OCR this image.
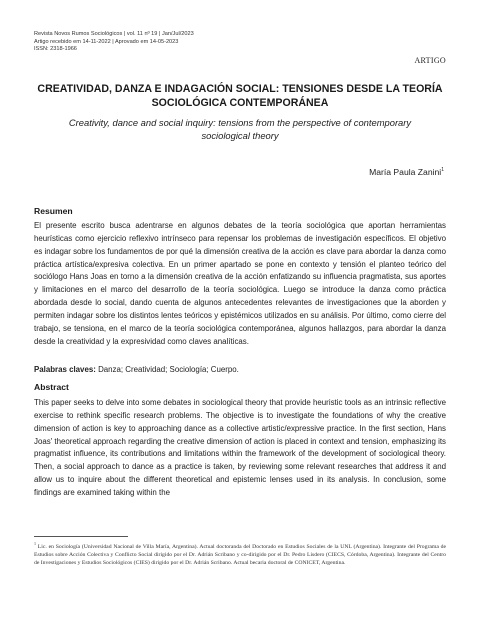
Revista Novos Rumos Sociológicos | vol. 11 nº 19 | Jan/Jul/2023
Artigo recebido em 14-11-2022 | Aprovado em 14-05-2023
ISSN: 2318-1966
ARTIGO
CREATIVIDAD, DANZA E INDAGACIÓN SOCIAL: TENSIONES DESDE LA TEORÍA SOCIOLÓGICA CONTEMPORÁNEA
Creativity, dance and social inquiry: tensions from the perspective of contemporary sociological theory
María Paula Zanini$^1$
Resumen
El presente escrito busca adentrarse en algunos debates de la teoría sociológica que aportan herramientas heurísticas como ejercicio reflexivo intrínseco para repensar los problemas de investigación específicos. El objetivo es indagar sobre los fundamentos de por qué la dimensión creativa de la acción es clave para abordar la danza como práctica artística/expresiva colectiva. En un primer apartado se pone en contexto y tensión el planteo teórico del sociólogo Hans Joas en torno a la dimensión creativa de la acción enfatizando su influencia pragmatista, sus aportes y limitaciones en el marco del desarrollo de la teoría sociológica. Luego se introduce la danza como práctica abordada desde lo social, dando cuenta de algunos antecedentes relevantes de investigaciones que la aborden y permiten indagar sobre los distintos lentes teóricos y epistémicos utilizados en su análisis. Por último, como cierre del trabajo, se tensiona, en el marco de la teoría sociológica contemporánea, algunos hallazgos, para abordar la danza desde la creatividad y la expresividad como claves analíticas.
Palabras claves: Danza; Creatividad; Sociología; Cuerpo.
Abstract
This paper seeks to delve into some debates in sociological theory that provide heuristic tools as an intrinsic reflective exercise to rethink specific research problems. The objective is to investigate the foundations of why the creative dimension of action is key to approaching dance as a collective artistic/expressive practice. In the first section, Hans Joas' theoretical approach regarding the creative dimension of action is placed in context and tension, emphasizing its pragmatist influence, its contributions and limitations within the framework of the development of sociological theory. Then, a social approach to dance as a practice is taken, by reviewing some relevant researches that address it and allow us to inquire about the different theoretical and epistemic lenses used in its analysis. In conclusion, some findings are examined taking within the
$^1$ Lic. en Sociología (Universidad Nacional de Villa María, Argentina). Actual doctoranda del Doctorado en Estudios Sociales de la UNL (Argentina). Integrante del Programa de Estudios sobre Acción Colectiva y Conflicto Social dirigido por el Dr. Adrián Scribano y co-dirigido por el Dr. Pedro Lisdero (CIECS, Córdoba, Argentina). Integrante del Centro de Investigaciones y Estudios Sociológicos (CIES) dirigido por el Dr. Adrián Scribano. Actual becaria doctoral de CONICET, Argentina.
